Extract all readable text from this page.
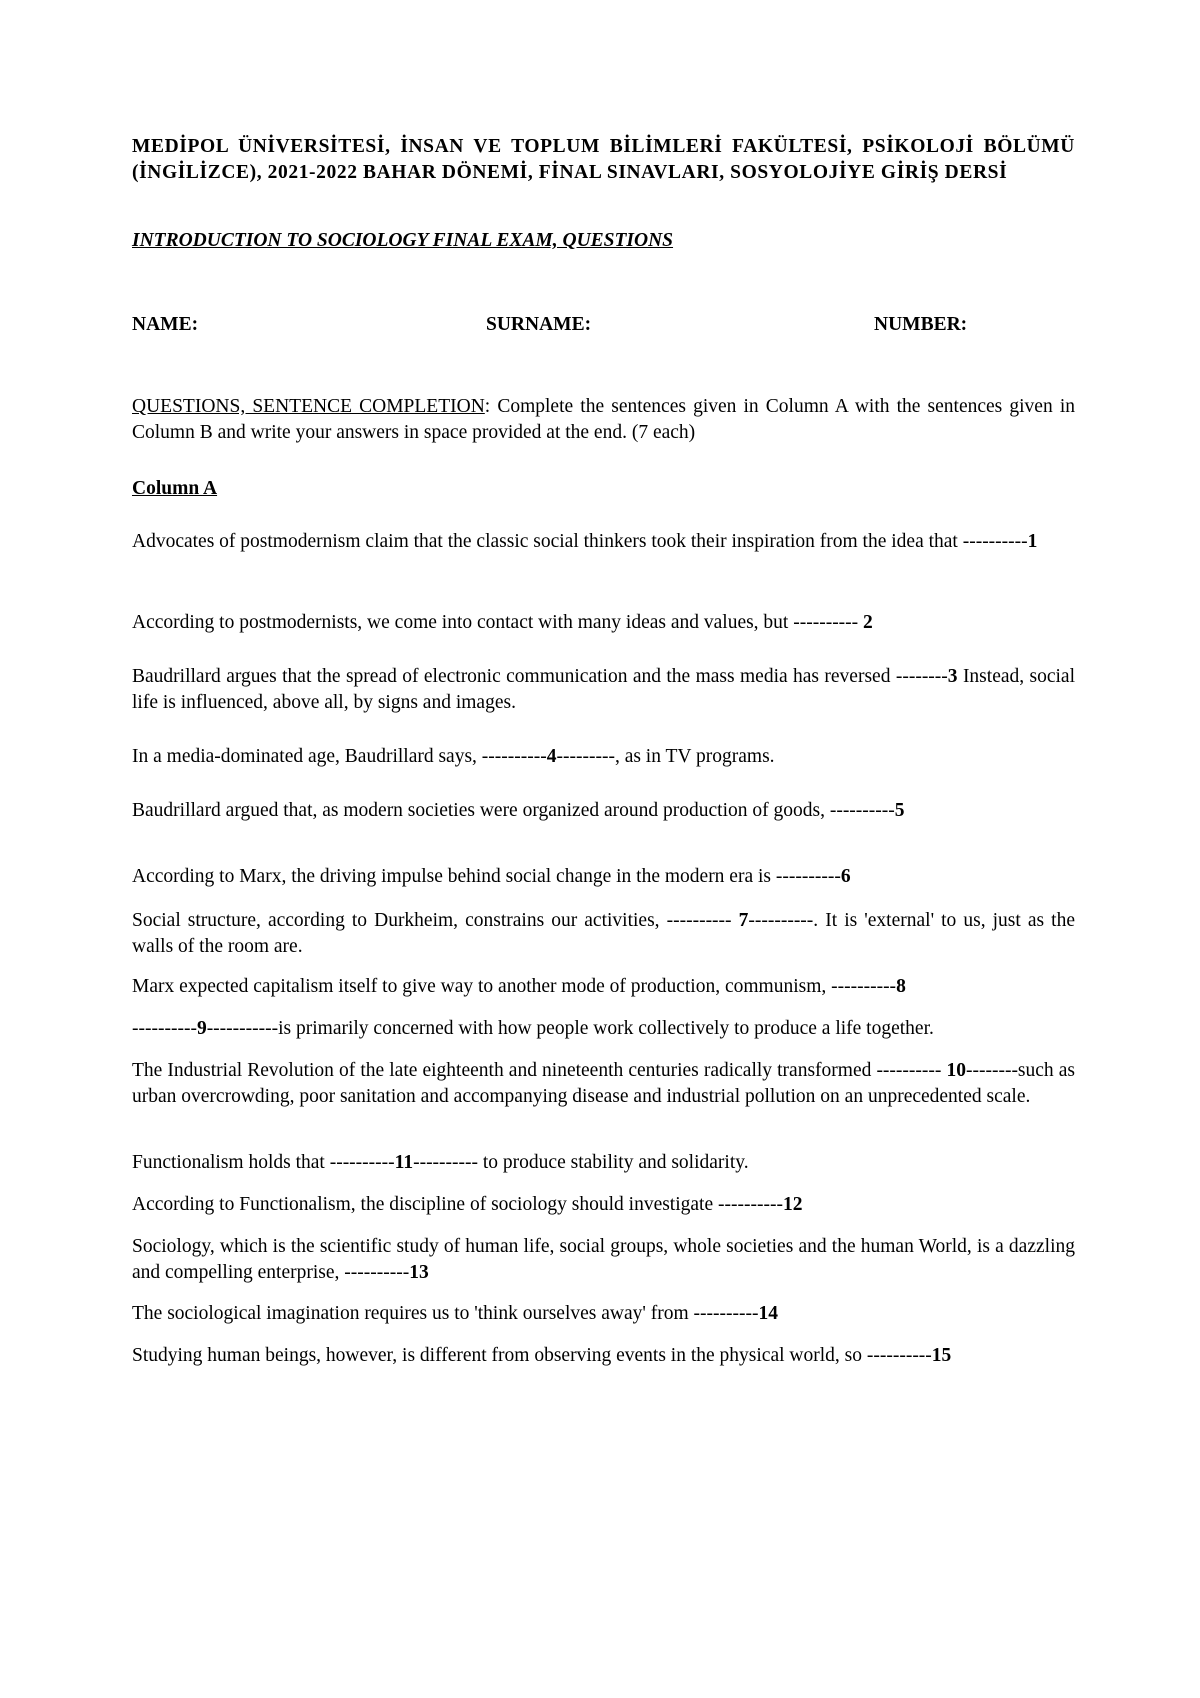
MEDİPOL ÜNİVERSİTESİ, İNSAN VE TOPLUM BİLİMLERİ FAKÜLTESİ, PSİKOLOJİ BÖLÜMÜ (İNGİLİZCE), 2021-2022 BAHAR DÖNEMİ, FİNAL SINAVLARI, SOSYOLOJİYE GİRİŞ DERSİ

INTRODUCTION TO SOCIOLOGY FINAL EXAM, QUESTIONS

NAME:	SURNAME:	NUMBER:

QUESTIONS, SENTENCE COMPLETION: Complete the sentences given in Column A with the sentences given in Column B and write your answers in space provided at the end. (7 each)

Column A

Advocates of postmodernism claim that the classic social thinkers took their inspiration from the idea that ----------1

According to postmodernists, we come into contact with many ideas and values, but ---------- 2

Baudrillard argues that the spread of electronic communication and the mass media has reversed --------3 Instead, social life is influenced, above all, by signs and images.

In a media-dominated age, Baudrillard says, ----------4---------, as in TV programs.

Baudrillard argued that, as modern societies were organized around production of goods, ----------5

According to Marx, the driving impulse behind social change in the modern era is ----------6

Social structure, according to Durkheim, constrains our activities, ---------- 7----------. It is 'external' to us, just as the walls of the room are.

Marx expected capitalism itself to give way to another mode of production, communism, ----------8

----------9-----------is primarily concerned with how people work collectively to produce a life together.

The Industrial Revolution of the late eighteenth and nineteenth centuries radically transformed ---------- 10--------such as urban overcrowding, poor sanitation and accompanying disease and industrial pollution on an unprecedented scale.

Functionalism holds that ----------11---------- to produce stability and solidarity.

According to Functionalism, the discipline of sociology should investigate ----------12

Sociology, which is the scientific study of human life, social groups, whole societies and the human World, is a dazzling and compelling enterprise, ----------13

The sociological imagination requires us to 'think ourselves away' from ----------14

Studying human beings, however, is different from observing events in the physical world, so ----------15
